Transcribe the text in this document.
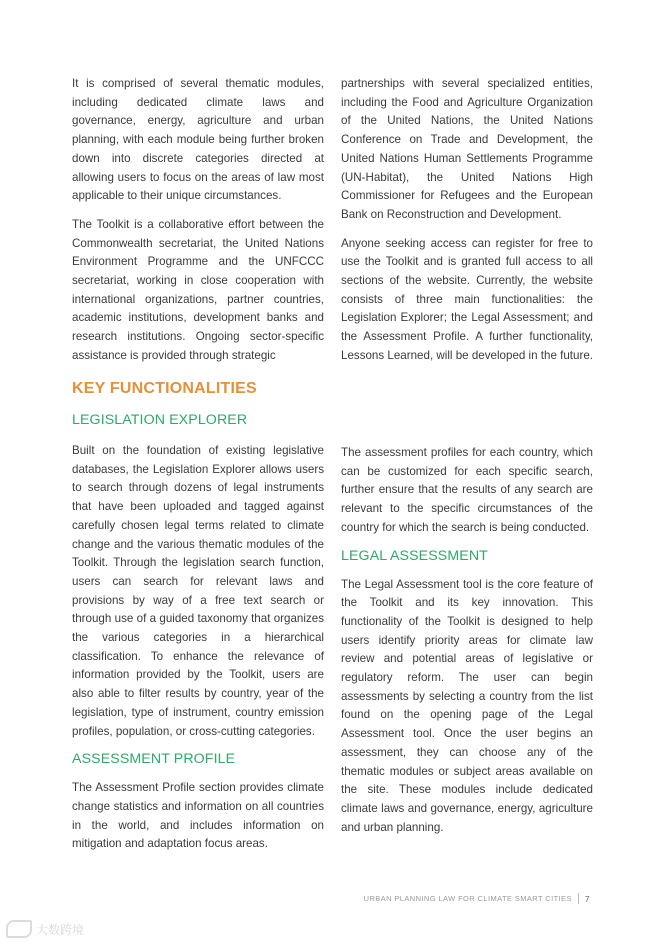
It is comprised of several thematic modules, including dedicated climate laws and governance, energy, agriculture and urban planning, with each module being further broken down into discrete categories directed at allowing users to focus on the areas of law most applicable to their unique circumstances.

The Toolkit is a collaborative effort between the Commonwealth secretariat, the United Nations Environment Programme and the UNFCCC secretariat, working in close cooperation with international organizations, partner countries, academic institutions, development banks and research institutions. Ongoing sector-specific assistance is provided through strategic

partnerships with several specialized entities, including the Food and Agriculture Organization of the United Nations, the United Nations Conference on Trade and Development, the United Nations Human Settlements Programme (UN-Habitat), the United Nations High Commissioner for Refugees and the European Bank on Reconstruction and Development.

Anyone seeking access can register for free to use the Toolkit and is granted full access to all sections of the website. Currently, the website consists of three main functionalities: the Legislation Explorer; the Legal Assessment; and the Assessment Profile. A further functionality, Lessons Learned, will be developed in the future.

KEY FUNCTIONALITIES
LEGISLATION EXPLORER

Built on the foundation of existing legislative databases, the Legislation Explorer allows users to search through dozens of legal instruments that have been uploaded and tagged against carefully chosen legal terms related to climate change and the various thematic modules of the Toolkit. Through the legislation search function, users can search for relevant laws and provisions by way of a free text search or through use of a guided taxonomy that organizes the various categories in a hierarchical classification. To enhance the relevance of information provided by the Toolkit, users are also able to filter results by country, year of the legislation, type of instrument, country emission profiles, population, or cross-cutting categories.

ASSESSMENT PROFILE

The Assessment Profile section provides climate change statistics and information on all countries in the world, and includes information on mitigation and adaptation focus areas.

The assessment profiles for each country, which can be customized for each specific search, further ensure that the results of any search are relevant to the specific circumstances of the country for which the search is being conducted.

LEGAL ASSESSMENT

The Legal Assessment tool is the core feature of the Toolkit and its key innovation. This functionality of the Toolkit is designed to help users identify priority areas for climate law review and potential areas of legislative or regulatory reform. The user can begin assessments by selecting a country from the list found on the opening page of the Legal Assessment tool. Once the user begins an assessment, they can choose any of the thematic modules or subject areas available on the site. These modules include dedicated climate laws and governance, energy, agriculture and urban planning.

URBAN PLANNING LAW FOR CLIMATE SMART CITIES 7
大数跨境
